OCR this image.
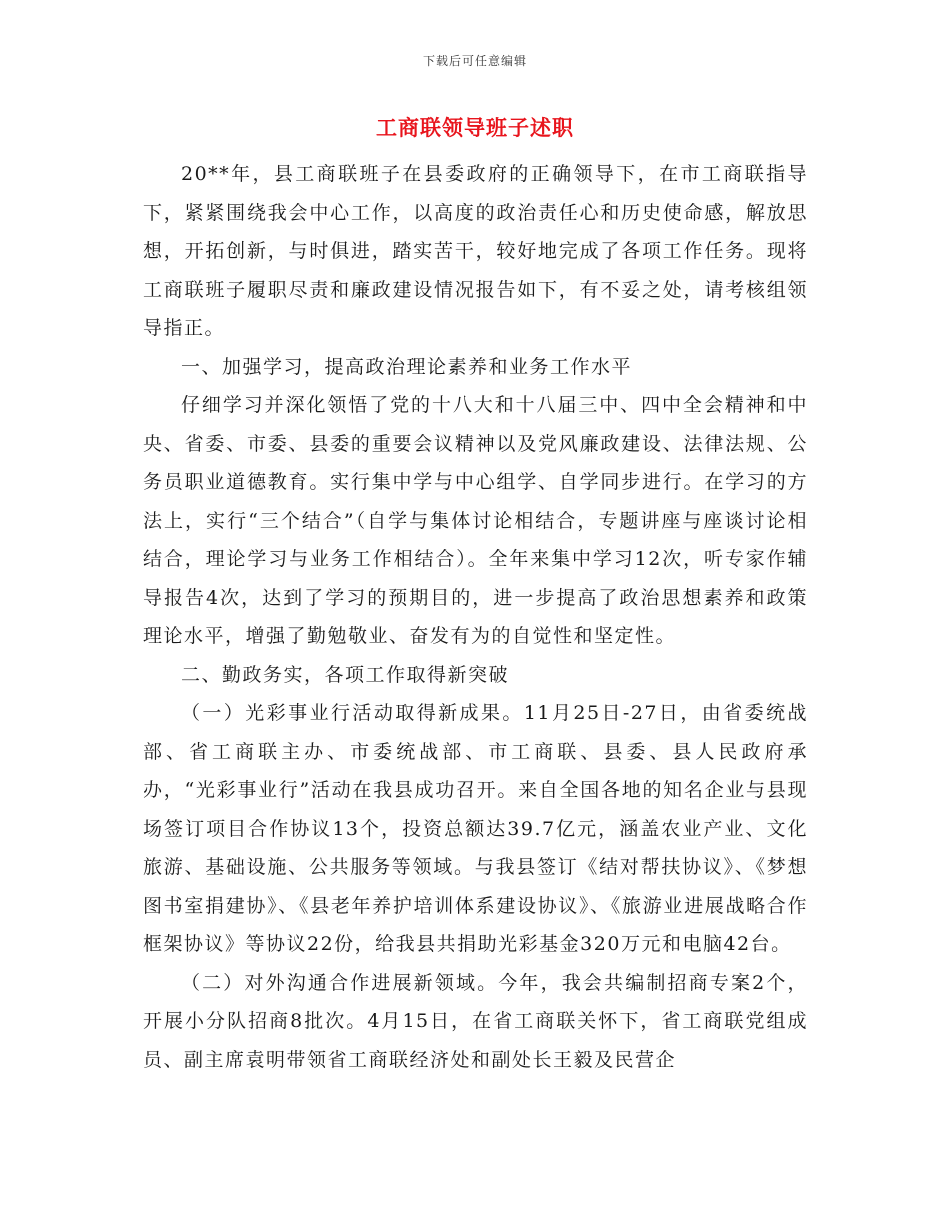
下载后可任意编辑
工商联领导班子述职

20**年，县工商联班子在县委政府的正确领导下，在市工商联指导下，紧紧围绕我会中心工作，以高度的政治责任心和历史使命感，解放思想，开拓创新，与时俱进，踏实苦干，较好地完成了各项工作任务。现将工商联班子履职尽责和廉政建设情况报告如下，有不妥之处，请考核组领导指正。

一、加强学习，提高政治理论素养和业务工作水平

仔细学习并深化领悟了党的十八大和十八届三中、四中全会精神和中央、省委、市委、县委的重要会议精神以及党风廉政建设、法律法规、公务员职业道德教育。实行集中学与中心组学、自学同步进行。在学习的方法上，实行“三个结合”（自学与集体讨论相结合，专题讲座与座谈讨论相结合，理论学习与业务工作相结合）。全年来集中学习12次，听专家作辅导报告4次，达到了学习的预期目的，进一步提高了政治思想素养和政策理论水平，增强了勤勉敬业、奋发有为的自觉性和坚定性。

二、勤政务实，各项工作取得新突破

（一）光彩事业行活动取得新成果。11月25日-27日，由省委统战部、省工商联主办、市委统战部、市工商联、县委、县人民政府承办，“光彩事业行”活动在我县成功召开。来自全国各地的知名企业与县现场签订项目合作协议13个，投资总额达39.7亿元，涵盖农业产业、文化旅游、基础设施、公共服务等领域。与我县签订《结对帮扶协议》、《梦想图书室捐建协》、《县老年养护培训体系建设协议》、《旅游业进展战略合作框架协议》等协议22份，给我县共捐助光彩基金320万元和电脑42台。

（二）对外沟通合作进展新领域。今年，我会共编制招商专案2个，开展小分队招商8批次。4月15日，在省工商联关怀下，省工商联党组成员、副主席袁明带领省工商联经济处和副处长王毅及民营企
